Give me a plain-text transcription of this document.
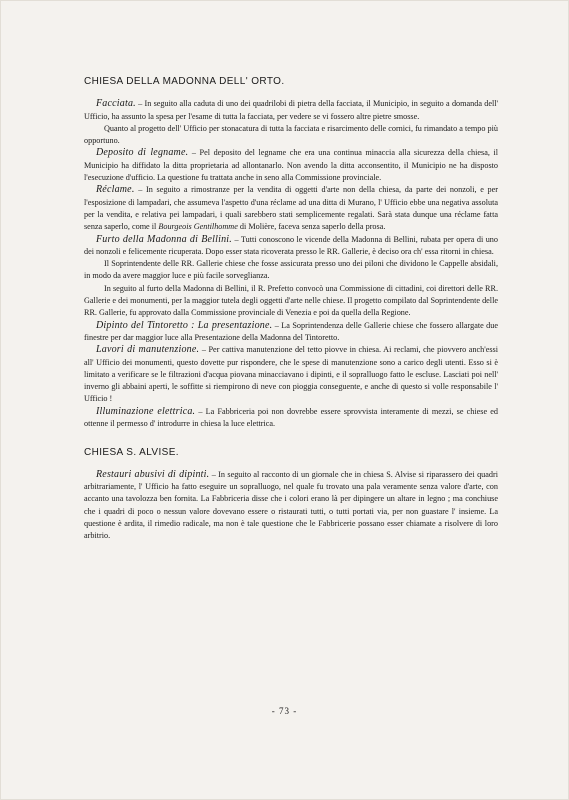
CHIESA DELLA MADONNA DELL' ORTO.

Facciata. – In seguito alla caduta di uno dei quadrilobi di pietra della facciata, il Municipio, in seguito a domanda dell' Ufficio, ha assunto la spesa per l'esame di tutta la facciata, per vedere se vi fossero altre pietre smosse.

Quanto al progetto dell' Ufficio per stonacatura di tutta la facciata e risarcimento delle cornici, fu rimandato a tempo più opportuno.

Deposito di legname. – Pel deposito del legname che era una continua minaccia alla sicurezza della chiesa, il Municipio ha diffidato la ditta proprietaria ad allontanarlo. Non avendo la ditta acconsentito, il Municipio ne ha disposto l'esecuzione d'ufficio. La questione fu trattata anche in seno alla Commissione provinciale.

Réclame. – In seguito a rimostranze per la vendita di oggetti d'arte non della chiesa, da parte dei nonzoli, e per l'esposizione di lampadari, che assumeva l'aspetto d'una réclame ad una ditta di Murano, l' Ufficio ebbe una negativa assoluta per la vendita, e relativa pei lampadari, i quali sarebbero stati semplicemente regalati. Sarà stata dunque una réclame fatta senza saperlo, come il Bourgeois Gentilhomme di Molière, faceva senza saperlo della prosa.

Furto della Madonna di Bellini. – Tutti conoscono le vicende della Madonna di Bellini, rubata per opera di uno dei nonzoli e felicemente ricuperata. Dopo esser stata ricoverata presso le RR. Gallerie, è deciso ora ch' essa ritorni in chiesa.

Il Soprintendente delle RR. Gallerie chiese che fosse assicurata presso uno dei piloni che dividono le Cappelle absidali, in modo da avere maggior luce e più facile sorveglianza.

In seguito al furto della Madonna di Bellini, il R. Prefetto convocò una Commissione di cittadini, coi direttori delle RR. Gallerie e dei monumenti, per la maggior tutela degli oggetti d'arte nelle chiese. Il progetto compilato dal Soprintendente delle RR. Gallerie, fu approvato dalla Commissione provinciale di Venezia e poi da quella della Regione.

Dipinto del Tintoretto : La presentazione. – La Soprintendenza delle Gallerie chiese che fossero allargate due finestre per dar maggior luce alla Presentazione della Madonna del Tintoretto.

Lavori di manutenzione. – Per cattiva manutenzione del tetto piovve in chiesa. Ai reclami, che piovvero anch'essi all' Ufficio dei monumenti, questo dovette pur rispondere, che le spese di manutenzione sono a carico degli utenti. Esso si è limitato a verificare se le filtrazioni d'acqua piovana minacciavano i dipinti, e il sopralluogo fatto le escluse. Lasciati poi nell' inverno gli abbaini aperti, le soffitte si riempirono di neve con pioggia conseguente, e anche di questo si volle responsabile l' Ufficio !

Illuminazione elettrica. – La Fabbriceria poi non dovrebbe essere sprovvista interamente di mezzi, se chiese ed ottenne il permesso d' introdurre in chiesa la luce elettrica.

CHIESA S. ALVISE.

Restauri abusivi di dipinti. – In seguito al racconto di un giornale che in chiesa S. Alvise si riparassero dei quadri arbitrariamente, l' Ufficio ha fatto eseguire un sopralluogo, nel quale fu trovato una pala veramente senza valore d'arte, con accanto una tavolozza ben fornita. La Fabbriceria disse che i colori erano là per dipingere un altare in legno ; ma conchiuse che i quadri di poco o nessun valore dovevano essere o ristaurati tutti, o tutti portati via, per non guastare l' insieme. La questione è ardita, il rimedio radicale, ma non è tale questione che le Fabbricerie possano esser chiamate a risolvere di loro arbitrio.

- 73 -
